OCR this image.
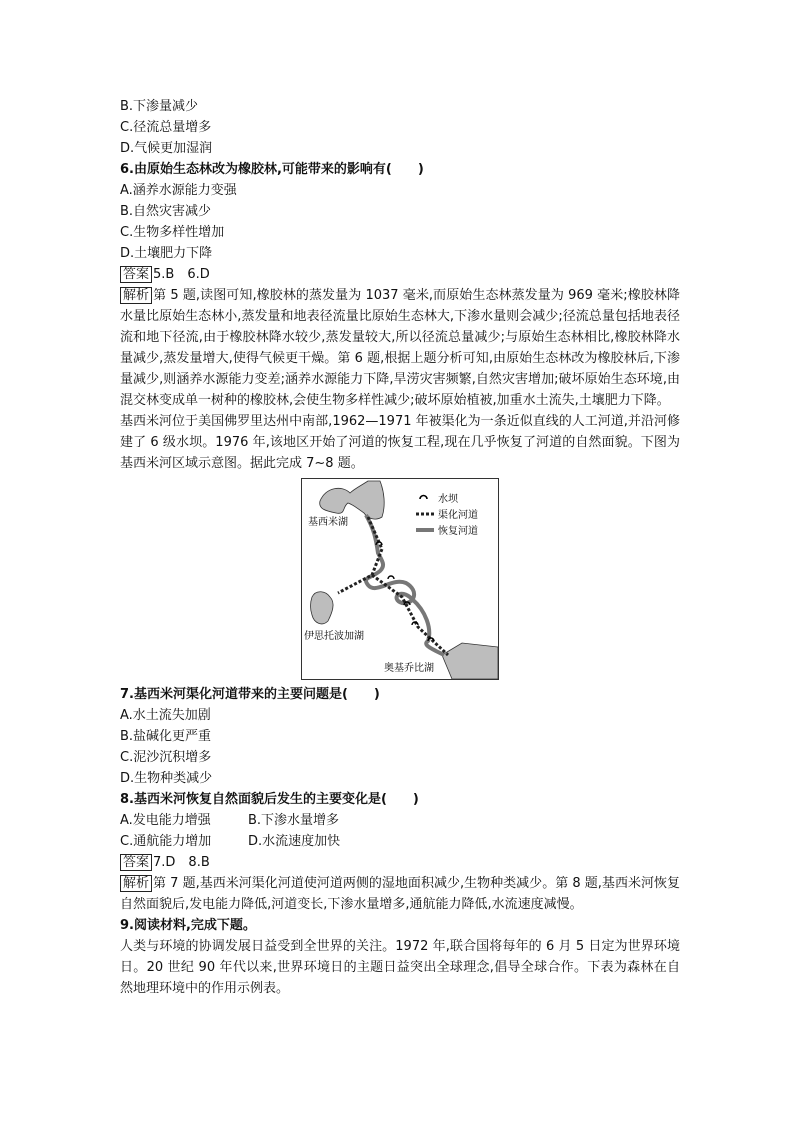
B.下渗量减少
C.径流总量增多
D.气候更加湿润
6.由原始生态林改为橡胶林,可能带来的影响有(　　)
A.涵养水源能力变强
B.自然灾害减少
C.生物多样性增加
D.土壤肥力下降
答案 5.B　6.D
解析 第 5 题,读图可知,橡胶林的蒸发量为 1037 毫米,而原始生态林蒸发量为 969 毫米;橡胶林降水量比原始生态林小,蒸发量和地表径流量比原始生态林大,下渗水量则会减少;径流总量包括地表径流和地下径流,由于橡胶林降水较少,蒸发量较大,所以径流总量减少;与原始生态林相比,橡胶林降水量减少,蒸发量增大,使得气候更干燥。第 6 题,根据上题分析可知,由原始生态林改为橡胶林后,下渗量减少,则涵养水源能力变差;涵养水源能力下降,旱涝灾害频繁,自然灾害增加;破坏原始生态环境,由混交林变成单一树种的橡胶林,会使生物多样性减少;破坏原始植被,加重水土流失,土壤肥力下降。
基西米河位于美国佛罗里达州中南部,1962—1971 年被渠化为一条近似直线的人工河道,并沿河修建了 6 级水坝。1976 年,该地区开始了河道的恢复工程,现在几乎恢复了河道的自然面貌。下图为基西米河区域示意图。据此完成 7~8 题。
水坝
渠化河道
恢复河道
基西米湖
伊思托波加湖
奥基乔比湖
7.基西米河渠化河道带来的主要问题是(　　)
A.水土流失加剧
B.盐碱化更严重
C.泥沙沉积增多
D.生物种类减少
8.基西米河恢复自然面貌后发生的主要变化是(　　)
A.发电能力增强	B.下渗水量增多
C.通航能力增加	D.水流速度加快
答案 7.D　8.B
解析 第 7 题,基西米河渠化河道使河道两侧的湿地面积减少,生物种类减少。第 8 题,基西米河恢复自然面貌后,发电能力降低,河道变长,下渗水量增多,通航能力降低,水流速度减慢。
9.阅读材料,完成下题。
人类与环境的协调发展日益受到全世界的关注。1972 年,联合国将每年的 6 月 5 日定为世界环境日。20 世纪 90 年代以来,世界环境日的主题日益突出全球理念,倡导全球合作。下表为森林在自然地理环境中的作用示例表。
